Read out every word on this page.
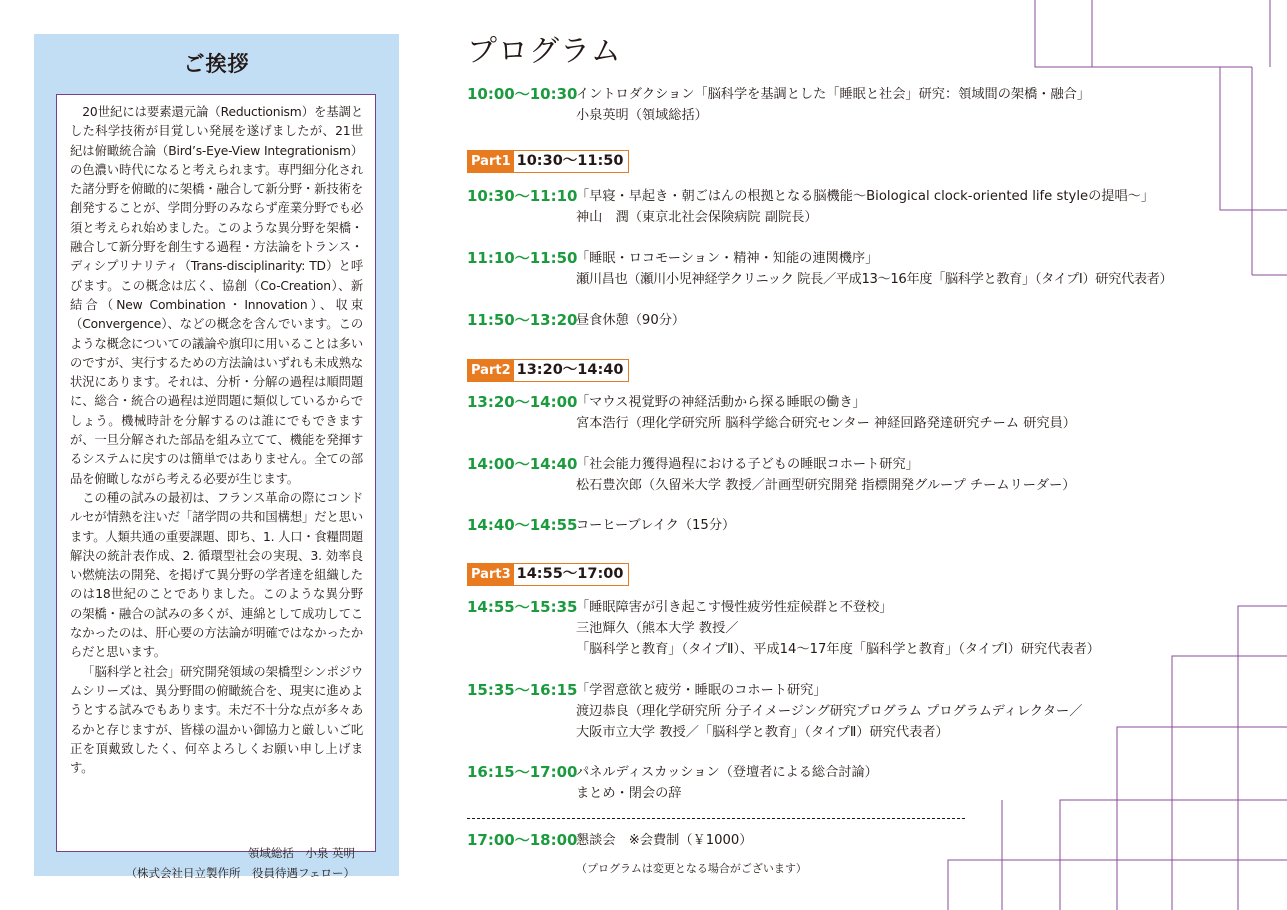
ご挨拶

20世紀には要素還元論（Reductionism）を基調とした科学技術が目覚しい発展を遂げましたが、21世紀は俯瞰統合論（Bird’s-Eye-View Integrationism）の色濃い時代になると考えられます。専門細分化された諸分野を俯瞰的に架橋・融合して新分野・新技術を創発することが、学問分野のみならず産業分野でも必須と考えられ始めました。このような異分野を架橋・融合して新分野を創生する過程・方法論をトランス・ディシプリナリティ（Trans-disciplinarity: TD）と呼びます。この概念は広く、協創（Co-Creation）、新結合（New Combination・Innovation）、収束（Convergence）、などの概念を含んでいます。このような概念についての議論や旗印に用いることは多いのですが、実行するための方法論はいずれも未成熟な状況にあります。それは、分析・分解の過程は順問題に、総合・統合の過程は逆問題に類似しているからでしょう。機械時計を分解するのは誰にでもできますが、一旦分解された部品を組み立てて、機能を発揮するシステムに戻すのは簡単ではありません。全ての部品を俯瞰しながら考える必要が生じます。

この種の試みの最初は、フランス革命の際にコンドルセが情熱を注いだ「諸学問の共和国構想」だと思います。人類共通の重要課題、即ち、1. 人口・食糧問題解決の統計表作成、2. 循環型社会の実現、3. 効率良い燃焼法の開発、を掲げて異分野の学者達を組織したのは18世紀のことでありました。このような異分野の架橋・融合の試みの多くが、連綿として成功してこなかったのは、肝心要の方法論が明確ではなかったからだと思います。

「脳科学と社会」研究開発領域の架橋型シンポジウムシリーズは、異分野間の俯瞰統合を、現実に進めようとする試みでもあります。未だ不十分な点が多々あるかと存じますが、皆様の温かい御協力と厳しいご叱正を頂戴致したく、何卒よろしくお願い申し上げます。

領域総括　小泉 英明
（株式会社日立製作所　役員待遇フェロー）
プログラム
10:00～10:30
イントロダクション「脳科学を基調とした「睡眠と社会」研究：領域間の架橋・融合」
小泉英明（領域総括）
Part1 10:30～11:50
10:30～11:10
「早寝・早起き・朝ごはんの根拠となる脳機能～Biological clock-oriented life styleの提唱～」
神山　潤（東京北社会保険病院 副院長）
11:10～11:50
「睡眠・ロコモーション・精神・知能の連関機序」
瀬川昌也（瀬川小児神経学クリニック 院長／平成13～16年度「脳科学と教育」（タイプⅠ）研究代表者）
11:50～13:20
昼食休憩（90分）
Part2 13:20～14:40
13:20～14:00
「マウス視覚野の神経活動から探る睡眠の働き」
宮本浩行（理化学研究所 脳科学総合研究センター 神経回路発達研究チーム 研究員）
14:00～14:40
「社会能力獲得過程における子どもの睡眠コホート研究」
松石豊次郎（久留米大学 教授／計画型研究開発 指標開発グループ チームリーダー）
14:40～14:55
コーヒーブレイク（15分）
Part3 14:55～17:00
14:55～15:35
「睡眠障害が引き起こす慢性疲労性症候群と不登校」
三池輝久（熊本大学 教授／
「脳科学と教育」（タイプⅡ）、平成14～17年度「脳科学と教育」（タイプⅠ）研究代表者）
15:35～16:15
「学習意欲と疲労・睡眠のコホート研究」
渡辺恭良（理化学研究所 分子イメージング研究プログラム プログラムディレクター／
大阪市立大学 教授／「脳科学と教育」（タイプⅡ）研究代表者）
16:15～17:00
パネルディスカッション（登壇者による総合討論）
まとめ・閉会の辞
17:00～18:00
懇談会　※会費制（￥1000）
（プログラムは変更となる場合がございます）
